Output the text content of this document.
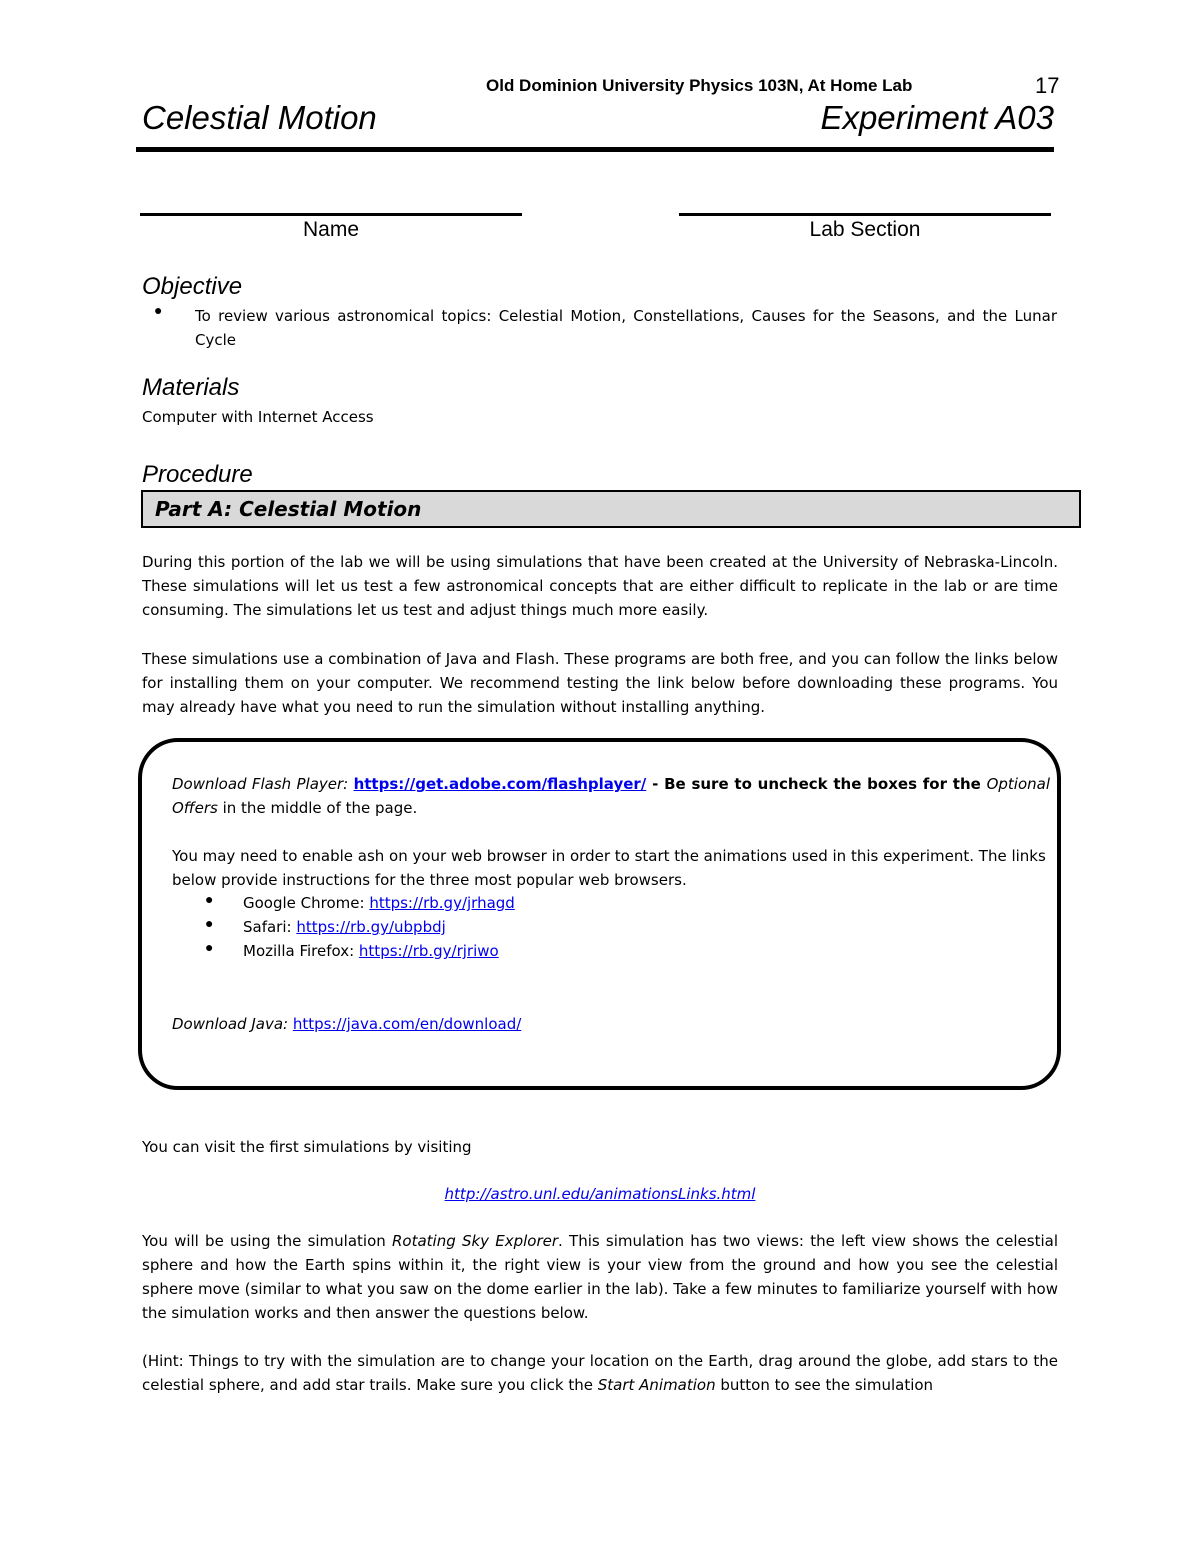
Old Dominion University Physics 103N, At Home Lab	17
Celestial Motion	Experiment A03
Name	Lab Section
Objective
● To review various astronomical topics: Celestial Motion, Constellations, Causes for the Seasons, and the Lunar Cycle
Materials
Computer with Internet Access
Procedure
Part A: Celestial Motion
During this portion of the lab we will be using simulations that have been created at the University of Nebraska-Lincoln. These simulations will let us test a few astronomical concepts that are either difficult to replicate in the lab or are time consuming. The simulations let us test and adjust things much more easily.
These simulations use a combination of Java and Flash. These programs are both free, and you can follow the links below for installing them on your computer. We recommend testing the link below before downloading these programs. You may already have what you need to run the simulation without installing anything.
Download Flash Player: https://get.adobe.com/flashplayer/ - Be sure to uncheck the boxes for the Optional Offers in the middle of the page.
You may need to enable ash on your web browser in order to start the animations used in this experiment. The links below provide instructions for the three most popular web browsers.
● Google Chrome: https://rb.gy/jrhagd
● Safari: https://rb.gy/ubpbdj
● Mozilla Firefox: https://rb.gy/rjriwo
Download Java: https://java.com/en/download/
You can visit the first simulations by visiting
http://astro.unl.edu/animationsLinks.html
You will be using the simulation Rotating Sky Explorer. This simulation has two views: the left view shows the celestial sphere and how the Earth spins within it, the right view is your view from the ground and how you see the celestial sphere move (similar to what you saw on the dome earlier in the lab). Take a few minutes to familiarize yourself with how the simulation works and then answer the questions below.
(Hint: Things to try with the simulation are to change your location on the Earth, drag around the globe, add stars to the celestial sphere, and add star trails. Make sure you click the Start Animation button to see the simulation
